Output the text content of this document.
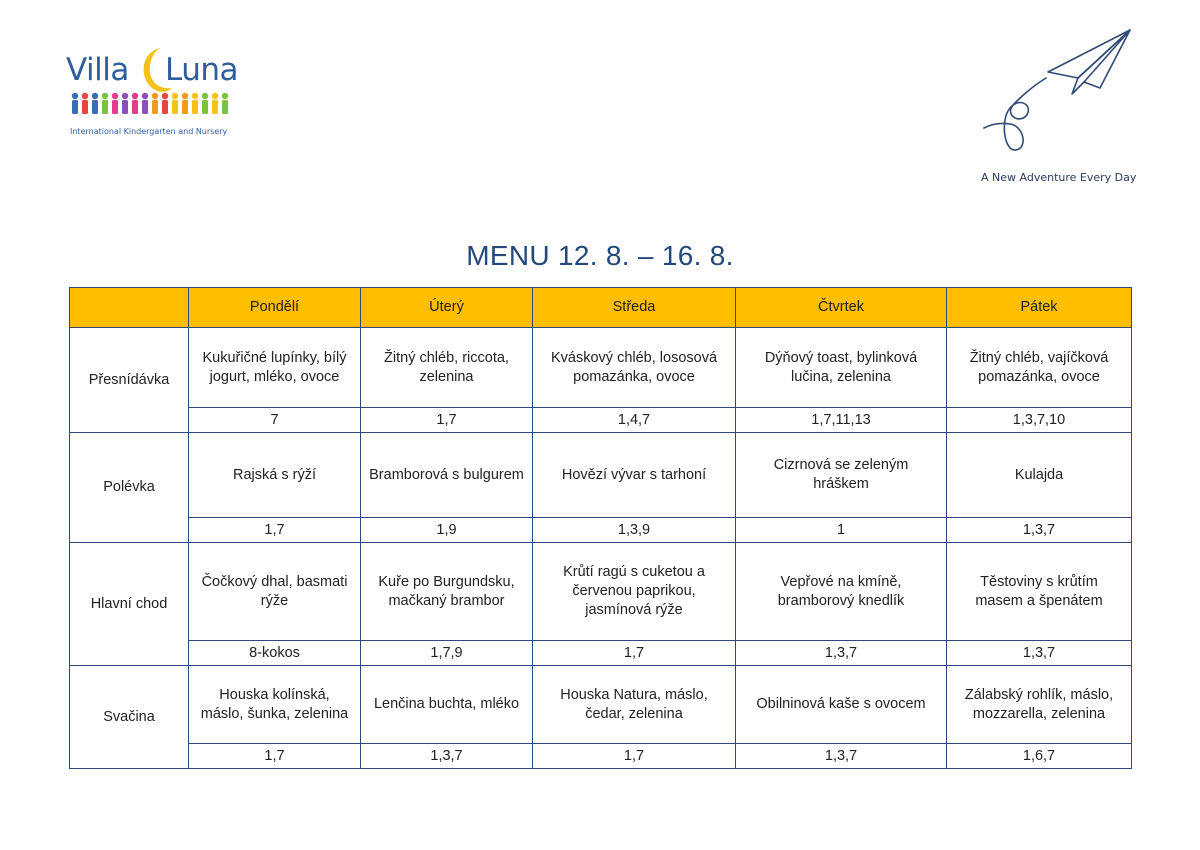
Villa Luna
International Kindergarten and Nursery
A New Adventure Every Day
MENU 12. 8. – 16. 8.
	Pondělí	Úterý	Středa	Čtvrtek	Pátek
Přesnídávka	Kukuřičné lupínky, bílý jogurt, mléko, ovoce	Žitný chléb, riccota, zelenina	Kváskový chléb, lososová pomazánka, ovoce	Dýňový toast, bylinková lučina, zelenina	Žitný chléb, vajíčková pomazánka, ovoce
	7	1,7	1,4,7	1,7,11,13	1,3,7,10
Polévka	Rajská s rýží	Bramborová s bulgurem	Hovězí vývar s tarhoní	Cizrnová se zeleným hráškem	Kulajda
	1,7	1,9	1,3,9	1	1,3,7
Hlavní chod	Čočkový dhal, basmati rýže	Kuře po Burgundsku, mačkaný brambor	Krůtí ragú s cuketou a červenou paprikou, jasmínová rýže	Vepřové na kmíně, bramborový knedlík	Těstoviny s krůtím masem a špenátem
	8-kokos	1,7,9	1,7	1,3,7	1,3,7
Svačina	Houska kolínská, máslo, šunka, zelenina	Lenčina buchta, mléko	Houska Natura, máslo, čedar, zelenina	Obilninová kaše s ovocem	Zálabský rohlík, máslo, mozzarella, zelenina
	1,7	1,3,7	1,7	1,3,7	1,6,7
